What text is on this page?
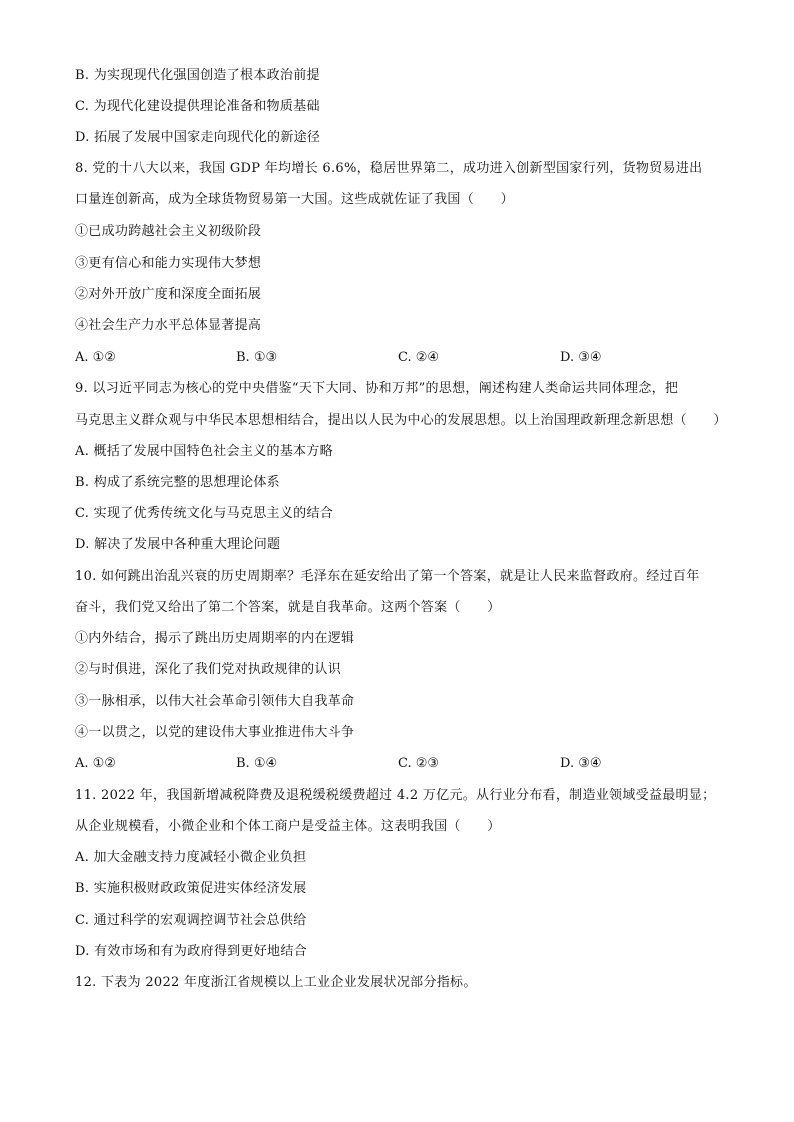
B. 为实现现代化强国创造了根本政治前提
C. 为现代化建设提供理论准备和物质基础
D. 拓展了发展中国家走向现代化的新途径
8. 党的十八大以来，我国 GDP 年均增长 6.6%，稳居世界第二，成功进入创新型国家行列，货物贸易进出
口量连创新高，成为全球货物贸易第一大国。这些成就佐证了我国（　　）
①已成功跨越社会主义初级阶段
③更有信心和能力实现伟大梦想
②对外开放广度和深度全面拓展
④社会生产力水平总体显著提高
A. ①②	B. ①③	C. ②④	D. ③④
9. 以习近平同志为核心的党中央借鉴“天下大同、协和万邦”的思想，阐述构建人类命运共同体理念，把
马克思主义群众观与中华民本思想相结合，提出以人民为中心的发展思想。以上治国理政新理念新思想（　　）
A. 概括了发展中国特色社会主义的基本方略
B. 构成了系统完整的思想理论体系
C. 实现了优秀传统文化与马克思主义的结合
D. 解决了发展中各种重大理论问题
10. 如何跳出治乱兴衰的历史周期率？毛泽东在延安给出了第一个答案，就是让人民来监督政府。经过百年
奋斗，我们党又给出了第二个答案，就是自我革命。这两个答案（　　）
①内外结合，揭示了跳出历史周期率的内在逻辑
②与时俱进，深化了我们党对执政规律的认识
③一脉相承，以伟大社会革命引领伟大自我革命
④一以贯之，以党的建设伟大事业推进伟大斗争
A. ①②	B. ①④	C. ②③	D. ③④
11. 2022 年，我国新增减税降费及退税缓税缓费超过 4.2 万亿元。从行业分布看，制造业领域受益最明显；
从企业规模看，小微企业和个体工商户是受益主体。这表明我国（　　）
A. 加大金融支持力度减轻小微企业负担
B. 实施积极财政政策促进实体经济发展
C. 通过科学的宏观调控调节社会总供给
D. 有效市场和有为政府得到更好地结合
12. 下表为 2022 年度浙江省规模以上工业企业发展状况部分指标。
